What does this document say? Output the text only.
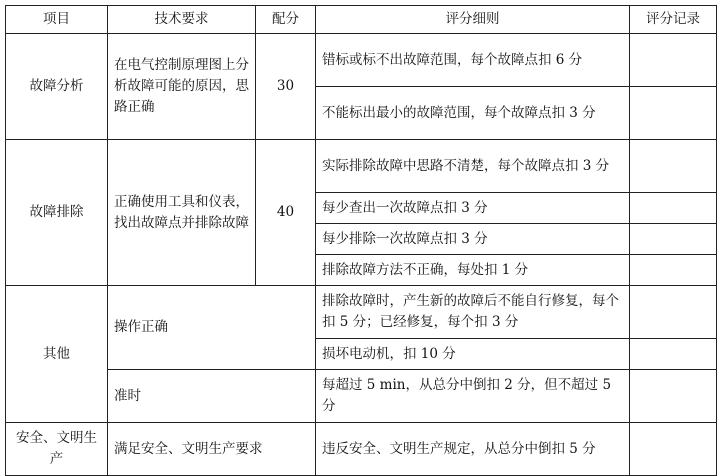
项目	技术要求	配分	评分细则	评分记录
故障分析	在电气控制原理图上分析故障可能的原因，思路正确	30	错标或标不出故障范围，每个故障点扣 6 分	
			不能标出最小的故障范围，每个故障点扣 3 分	
故障排除	正确使用工具和仪表，找出故障点并排除故障	40	实际排除故障中思路不清楚，每个故障点扣 3 分	
			每少查出一次故障点扣 3 分	
			每少排除一次故障点扣 3 分	
			排除故障方法不正确，每处扣 1 分	
其他	操作正确		排除故障时，产生新的故障后不能自行修复，每个扣 5 分；已经修复，每个扣 3 分	
			损坏电动机，扣 10 分	
	准时		每超过 5 min，从总分中倒扣 2 分，但不超过 5 分	
安全、文明生产	满足安全、文明生产要求		违反安全、文明生产规定，从总分中倒扣 5 分	
